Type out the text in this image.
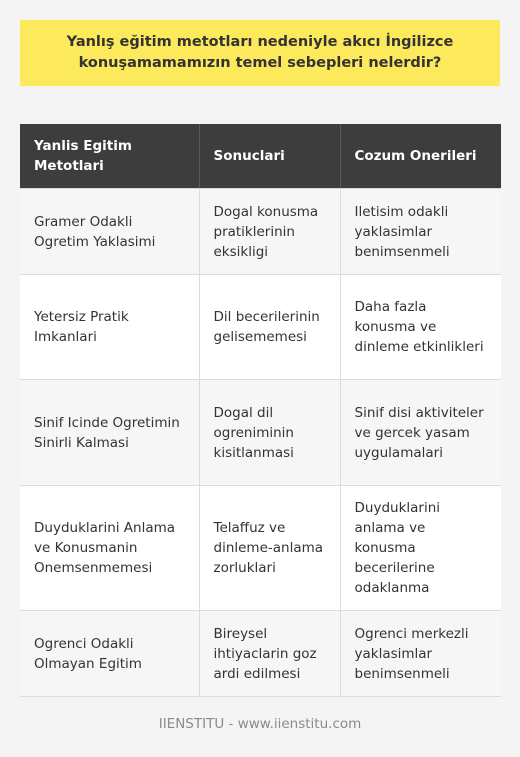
Yanlış eğitim metotları nedeniyle akıcı İngilizce konuşamamamızın temel sebepleri nelerdir?
Yanlis Egitim Metotlari	Sonuclari	Cozum Onerileri
Gramer Odakli Ogretim Yaklasimi	Dogal konusma pratiklerinin eksikligi	Iletisim odakli yaklasimlar benimsenmeli
Yetersiz Pratik Imkanlari	Dil becerilerinin gelisememesi	Daha fazla konusma ve dinleme etkinlikleri
Sinif Icinde Ogretimin Sinirli Kalmasi	Dogal dil ogreniminin kisitlanmasi	Sinif disi aktiviteler ve gercek yasam uygulamalari
Duyduklarini Anlama ve Konusmanin Onemsenmemesi	Telaffuz ve dinleme-anlama zorluklari	Duyduklarini anlama ve konusma becerilerine odaklanma
Ogrenci Odakli Olmayan Egitim	Bireysel ihtiyaclarin goz ardi edilmesi	Ogrenci merkezli yaklasimlar benimsenmeli
IIENSTITU - www.iienstitu.com
